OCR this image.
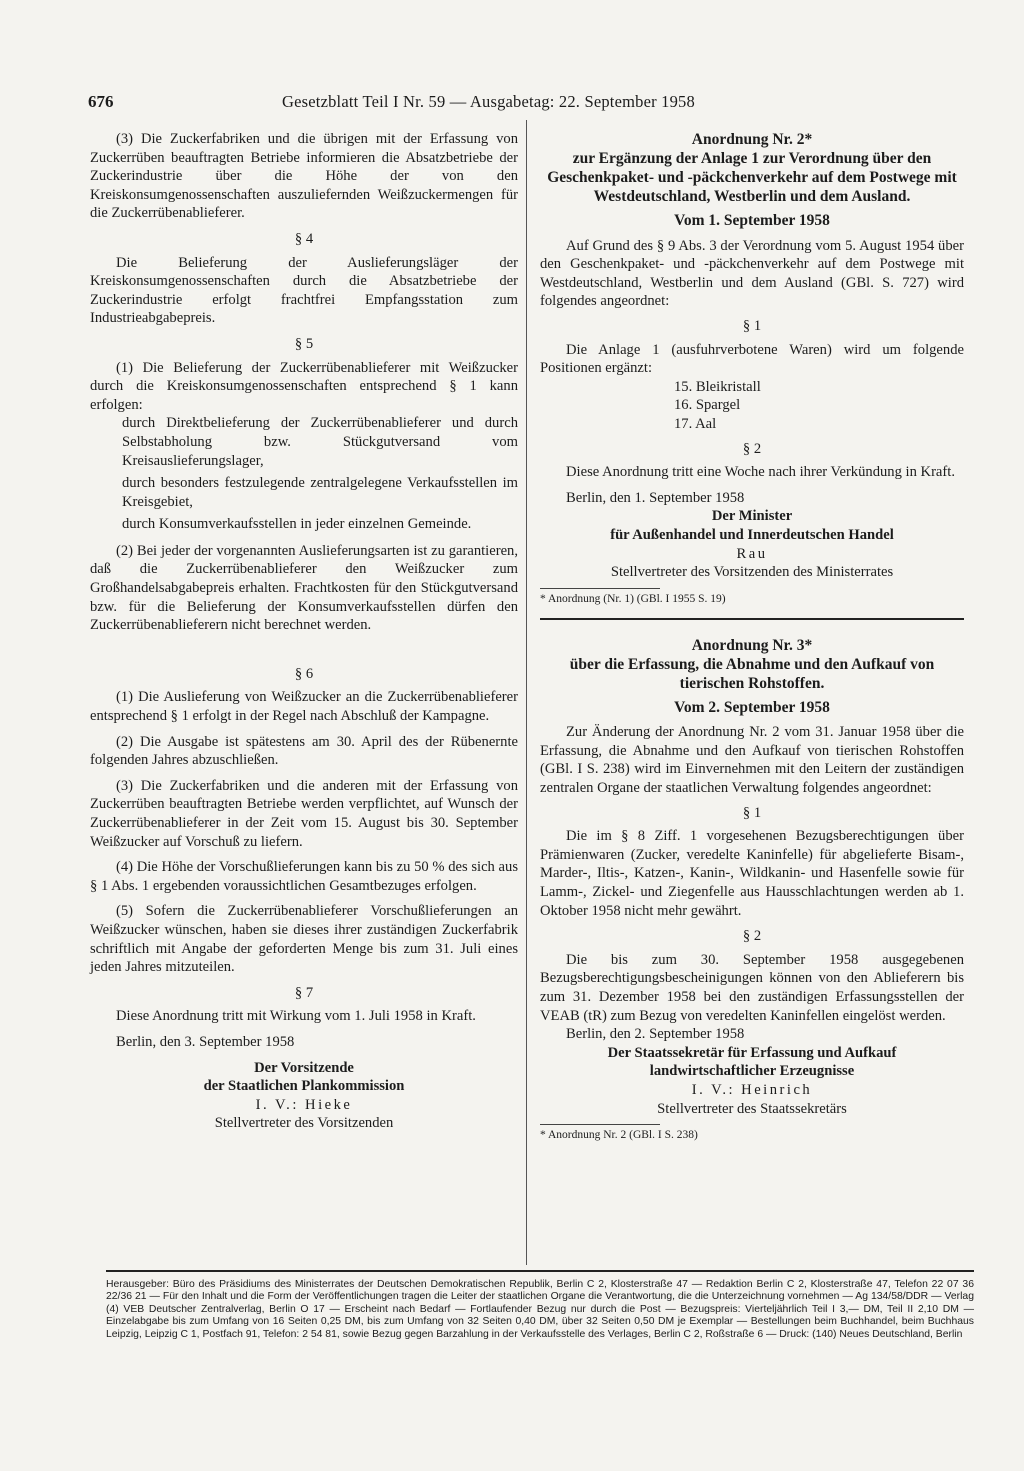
676	Gesetzblatt Teil I Nr. 59 — Ausgabetag: 22. September 1958

(3) Die Zuckerfabriken und die übrigen mit der Erfassung von Zuckerrüben beauftragten Betriebe informieren die Absatzbetriebe der Zuckerindustrie über die Höhe der von den Kreiskonsumgenossenschaften auszuliefernden Weißzuckermengen für die Zuckerrübenablieferer.

§ 4

Die Belieferung der Auslieferungsläger der Kreiskonsumgenossenschaften durch die Absatzbetriebe der Zuckerindustrie erfolgt frachtfrei Empfangsstation zum Industrieabgabepreis.

§ 5

(1) Die Belieferung der Zuckerrübenablieferer mit Weißzucker durch die Kreiskonsumgenossenschaften entsprechend § 1 kann erfolgen:

durch Direktbelieferung der Zuckerrübenablieferer und durch Selbstabholung bzw. Stückgutversand vom Kreisauslieferungslager,
durch besonders festzulegende zentralgelegene Verkaufsstellen im Kreisgebiet,
durch Konsumverkaufsstellen in jeder einzelnen Gemeinde.

(2) Bei jeder der vorgenannten Auslieferungsarten ist zu garantieren, daß die Zuckerrübenablieferer den Weißzucker zum Großhandelsabgabepreis erhalten. Frachtkosten für den Stückgutversand bzw. für die Belieferung der Konsumverkaufsstellen dürfen den Zuckerrübenablieferern nicht berechnet werden.

§ 6

(1) Die Auslieferung von Weißzucker an die Zuckerrübenablieferer entsprechend § 1 erfolgt in der Regel nach Abschluß der Kampagne.

(2) Die Ausgabe ist spätestens am 30. April des der Rübenernte folgenden Jahres abzuschließen.

(3) Die Zuckerfabriken und die anderen mit der Erfassung von Zuckerrüben beauftragten Betriebe werden verpflichtet, auf Wunsch der Zuckerrübenablieferer in der Zeit vom 15. August bis 30. September Weißzucker auf Vorschuß zu liefern.

(4) Die Höhe der Vorschußlieferungen kann bis zu 50 % des sich aus § 1 Abs. 1 ergebenden voraussichtlichen Gesamtbezuges erfolgen.

(5) Sofern die Zuckerrübenablieferer Vorschußlieferungen an Weißzucker wünschen, haben sie dieses ihrer zuständigen Zuckerfabrik schriftlich mit Angabe der geforderten Menge bis zum 31. Juli eines jeden Jahres mitzuteilen.

§ 7

Diese Anordnung tritt mit Wirkung vom 1. Juli 1958 in Kraft.

Berlin, den 3. September 1958

Der Vorsitzende
der Staatlichen Plankommission
I. V.: Hieke
Stellvertreter des Vorsitzenden
Anordnung Nr. 2*
zur Ergänzung der Anlage 1 zur Verordnung über den Geschenkpaket- und -päckchenverkehr auf dem Postwege mit Westdeutschland, Westberlin und dem Ausland.
Vom 1. September 1958

Auf Grund des § 9 Abs. 3 der Verordnung vom 5. August 1954 über den Geschenkpaket- und -päckchenverkehr auf dem Postwege mit Westdeutschland, Westberlin und dem Ausland (GBl. S. 727) wird folgendes angeordnet:

§ 1

Die Anlage 1 (ausfuhrverbotene Waren) wird um folgende Positionen ergänzt:

15. Bleikristall
16. Spargel
17. Aal
§ 2

Diese Anordnung tritt eine Woche nach ihrer Verkündung in Kraft.

Berlin, den 1. September 1958

Der Minister
für Außenhandel und Innerdeutschen Handel
Rau
Stellvertreter des Vorsitzenden des Ministerrates
* Anordnung (Nr. 1) (GBl. I 1955 S. 19)
Anordnung Nr. 3*
über die Erfassung, die Abnahme und den Aufkauf von tierischen Rohstoffen.
Vom 2. September 1958

Zur Änderung der Anordnung Nr. 2 vom 31. Januar 1958 über die Erfassung, die Abnahme und den Aufkauf von tierischen Rohstoffen (GBl. I S. 238) wird im Einvernehmen mit den Leitern der zuständigen zentralen Organe der staatlichen Verwaltung folgendes angeordnet:

§ 1

Die im § 8 Ziff. 1 vorgesehenen Bezugsberechtigungen über Prämienwaren (Zucker, veredelte Kaninfelle) für abgelieferte Bisam-, Marder-, Iltis-, Katzen-, Kanin-, Wildkanin- und Hasenfelle sowie für Lamm-, Zickel- und Ziegenfelle aus Hausschlachtungen werden ab 1. Oktober 1958 nicht mehr gewährt.

§ 2

Die bis zum 30. September 1958 ausgegebenen Bezugsberechtigungsbescheinigungen können von den Ablieferern bis zum 31. Dezember 1958 bei den zuständigen Erfassungsstellen der VEAB (tR) zum Bezug von veredelten Kaninfellen eingelöst werden.

Berlin, den 2. September 1958

Der Staatssekretär für Erfassung und Aufkauf
landwirtschaftlicher Erzeugnisse
I. V.: Heinrich
Stellvertreter des Staatssekretärs
* Anordnung Nr. 2 (GBl. I S. 238)
Herausgeber: Büro des Präsidiums des Ministerrates der Deutschen Demokratischen Republik, Berlin C 2, Klosterstraße 47 — Redaktion Berlin C 2, Klosterstraße 47, Telefon 22 07 36 22/36 21 — Für den Inhalt und die Form der Veröffentlichungen tragen die Leiter der staatlichen Organe die Verantwortung, die die Unterzeichnung vornehmen — Ag 134/58/DDR — Verlag (4) VEB Deutscher Zentralverlag, Berlin O 17 — Erscheint nach Bedarf — Fortlaufender Bezug nur durch die Post — Bezugspreis: Vierteljährlich Teil I 3,— DM, Teil II 2,10 DM — Einzelabgabe bis zum Umfang von 16 Seiten 0,25 DM, bis zum Umfang von 32 Seiten 0,40 DM, über 32 Seiten 0,50 DM je Exemplar — Bestellungen beim Buchhandel, beim Buchhaus Leipzig, Leipzig C 1, Postfach 91, Telefon: 2 54 81, sowie Bezug gegen Barzahlung in der Verkaufsstelle des Verlages, Berlin C 2, Roßstraße 6 — Druck: (140) Neues Deutschland, Berlin
